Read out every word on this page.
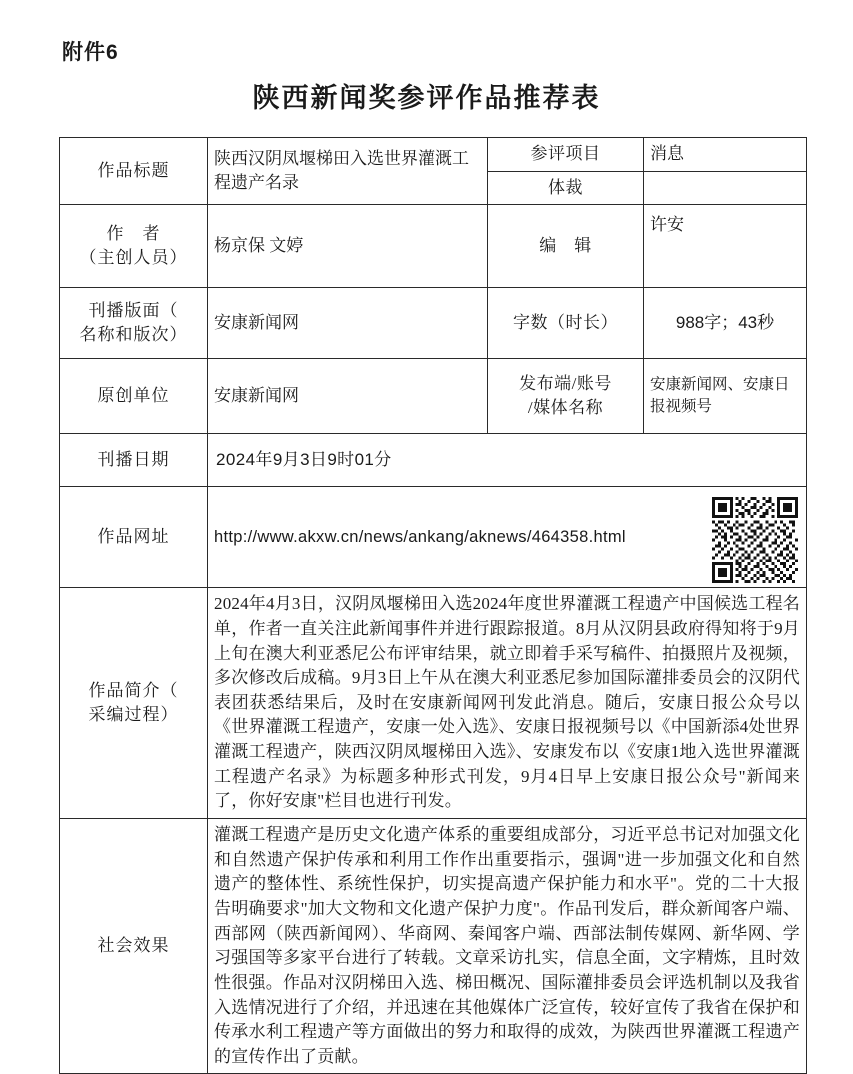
附件6
陕西新闻奖参评作品推荐表
作品标题	陕西汉阴凤堰梯田入选世界灌溉工程遗产名录	参评项目	消息
		体裁	

作　者
（主创人员）	杨京保 文婷	编　辑	许安

刊播版面（
名称和版次）	安康新闻网	字数（时长）	988字；43秒
原创单位	安康新闻网	发布端/账号
/媒体名称	安康新闻网、安康日报视频号
刊播日期	2024年9月3日9时01分		
作品网址	http://www.akxw.cn/news/ankang/aknews/464358.html		

作品简介（
采编过程）	2024年4月3日，汉阴凤堰梯田入选2024年度世界灌溉工程遗产中国候选工程名单，作者一直关注此新闻事件并进行跟踪报道。8月从汉阴县政府得知将于9月上旬在澳大利亚悉尼公布评审结果，就立即着手采写稿件、拍摄照片及视频，多次修改后成稿。9月3日上午从在澳大利亚悉尼参加国际灌排委员会的汉阴代表团获悉结果后，及时在安康新闻网刊发此消息。随后，安康日报公众号以《世界灌溉工程遗产，安康一处入选》、安康日报视频号以《中国新添4处世界灌溉工程遗产，陕西汉阴凤堰梯田入选》、安康发布以《安康1地入选世界灌溉工程遗产名录》为标题多种形式刊发，9月4日早上安康日报公众号"新闻来了，你好安康"栏目也进行刊发。		
社会效果	灌溉工程遗产是历史文化遗产体系的重要组成部分，习近平总书记对加强文化和自然遗产保护传承和利用工作作出重要指示，强调"进一步加强文化和自然遗产的整体性、系统性保护，切实提高遗产保护能力和水平"。党的二十大报告明确要求"加大文物和文化遗产保护力度"。作品刊发后，群众新闻客户端、西部网（陕西新闻网）、华商网、秦闻客户端、西部法制传媒网、新华网、学习强国等多家平台进行了转载。文章采访扎实，信息全面，文字精炼，且时效性很强。作品对汉阴梯田入选、梯田概况、国际灌排委员会评选机制以及我省入选情况进行了介绍，并迅速在其他媒体广泛宣传，较好宣传了我省在保护和传承水利工程遗产等方面做出的努力和取得的成效，为陕西世界灌溉工程遗产的宣传作出了贡献。		
